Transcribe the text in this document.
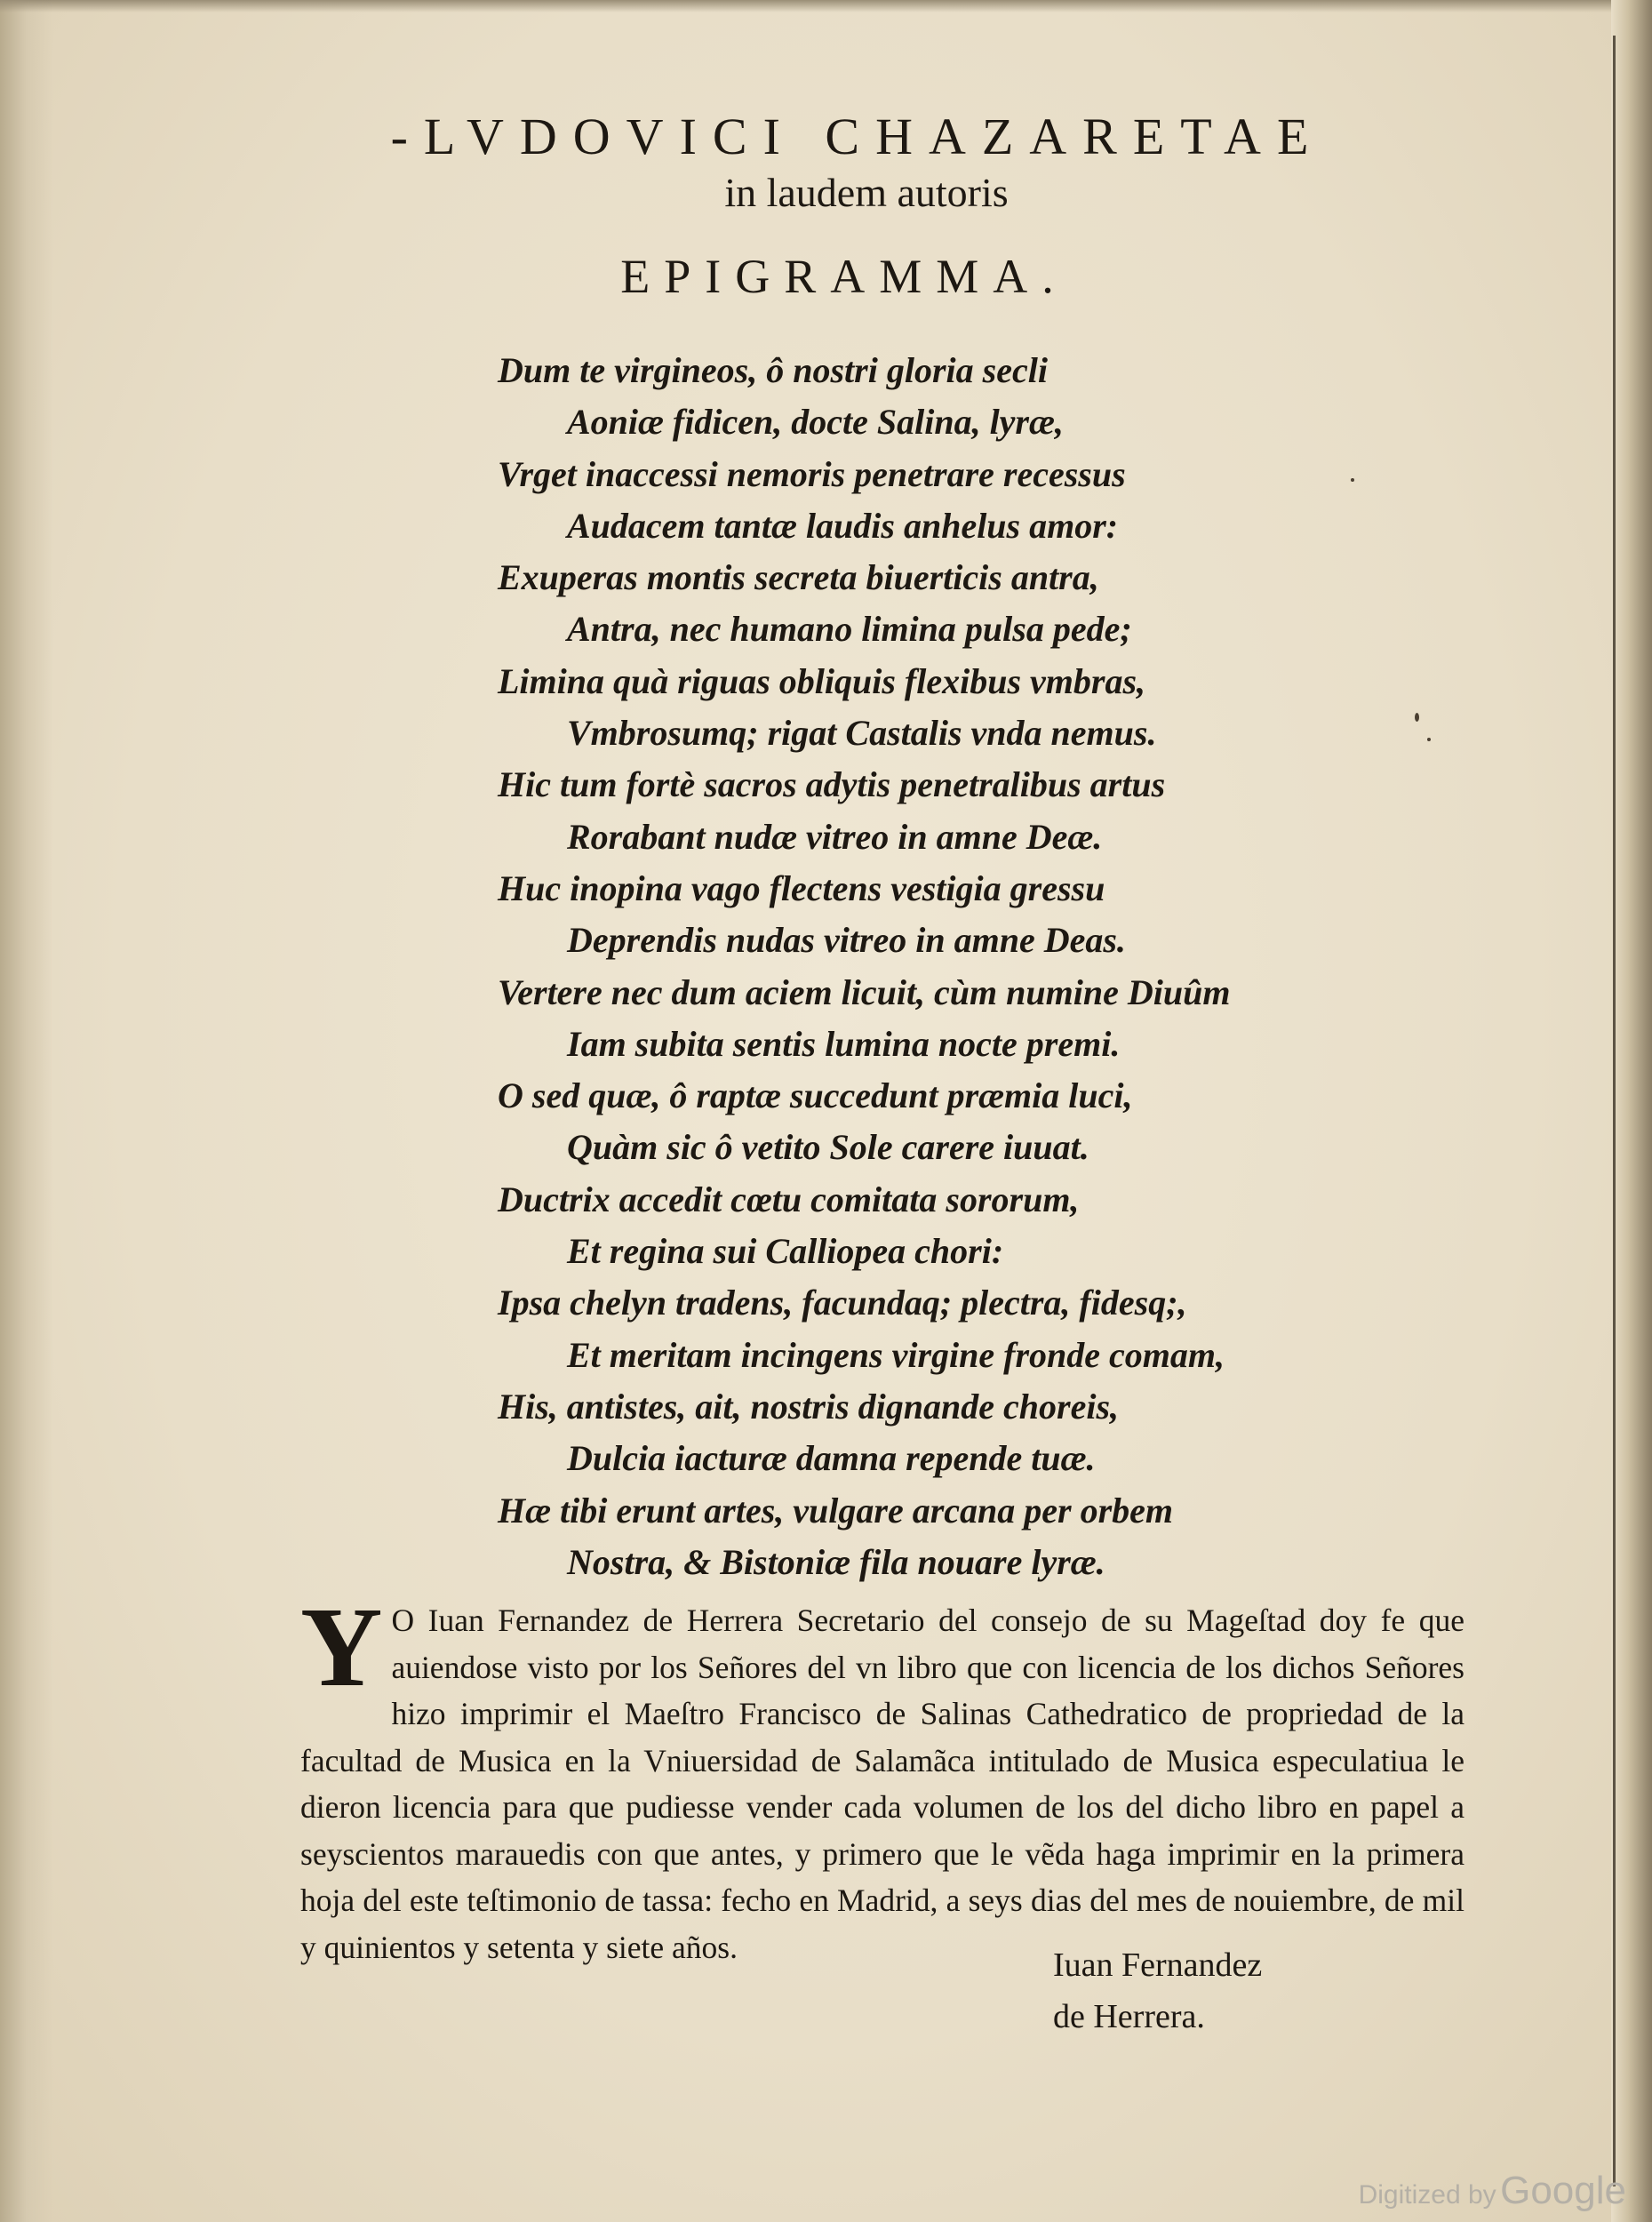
-LVDOVICI CHAZARETAE
in laudem autoris
EPIGRAMMA.
Dum te virgineos, ô nostri gloria secli
Aoniæ fidicen, docte Salina, lyræ,
Vrget inaccessi nemoris penetrare recessus
Audacem tantæ laudis anhelus amor:
Exuperas montis secreta biuerticis antra,
Antra, nec humano limina pulsa pede;
Limina quà riguas obliquis flexibus vmbras,
Vmbrosumq; rigat Castalis vnda nemus.
Hic tum fortè sacros adytis penetralibus artus
Rorabant nudæ vitreo in amne Deæ.
Huc inopina vago flectens vestigia gressu
Deprendis nudas vitreo in amne Deas.
Vertere nec dum aciem licuit, cùm numine Diuûm
Iam subita sentis lumina nocte premi.
O sed quæ, ô raptæ succedunt præmia luci,
Quàm sic ô vetito Sole carere iuuat.
Ductrix accedit cœtu comitata sororum,
Et regina sui Calliopea chori:
Ipsa chelyn tradens, facundaq; plectra, fidesq;,
Et meritam incingens virgine fronde comam,
His, antistes, ait, nostris dignande choreis,
Dulcia iacturæ damna repende tuæ.
Hæ tibi erunt artes, vulgare arcana per orbem
Nostra, & Bistoniæ fila nouare lyræ.
Y O Iuan Fernandez de Herrera Secretario del consejo de su Mageſtad doy fe que auiendose visto por los Señores del vn libro que con licencia de los dichos Señores hizo imprimir el Maeſtro Francisco de Salinas Cathedratico de propriedad de la facultad de Musica en la Vniuersidad de Salamãca intitulado de Musica especulatiua le dieron licencia para que pudiesse vender cada volumen de los del dicho libro en papel a seyscientos marauedis con que antes, y primero que le vẽda haga imprimir en la primera hoja del este teſtimonio de tassa: fecho en Madrid, a seys dias del mes de nouiembre, de mil y quinientos y setenta y siete años.	Iuan Fernandez
de Herrera.
Digitized by Google
